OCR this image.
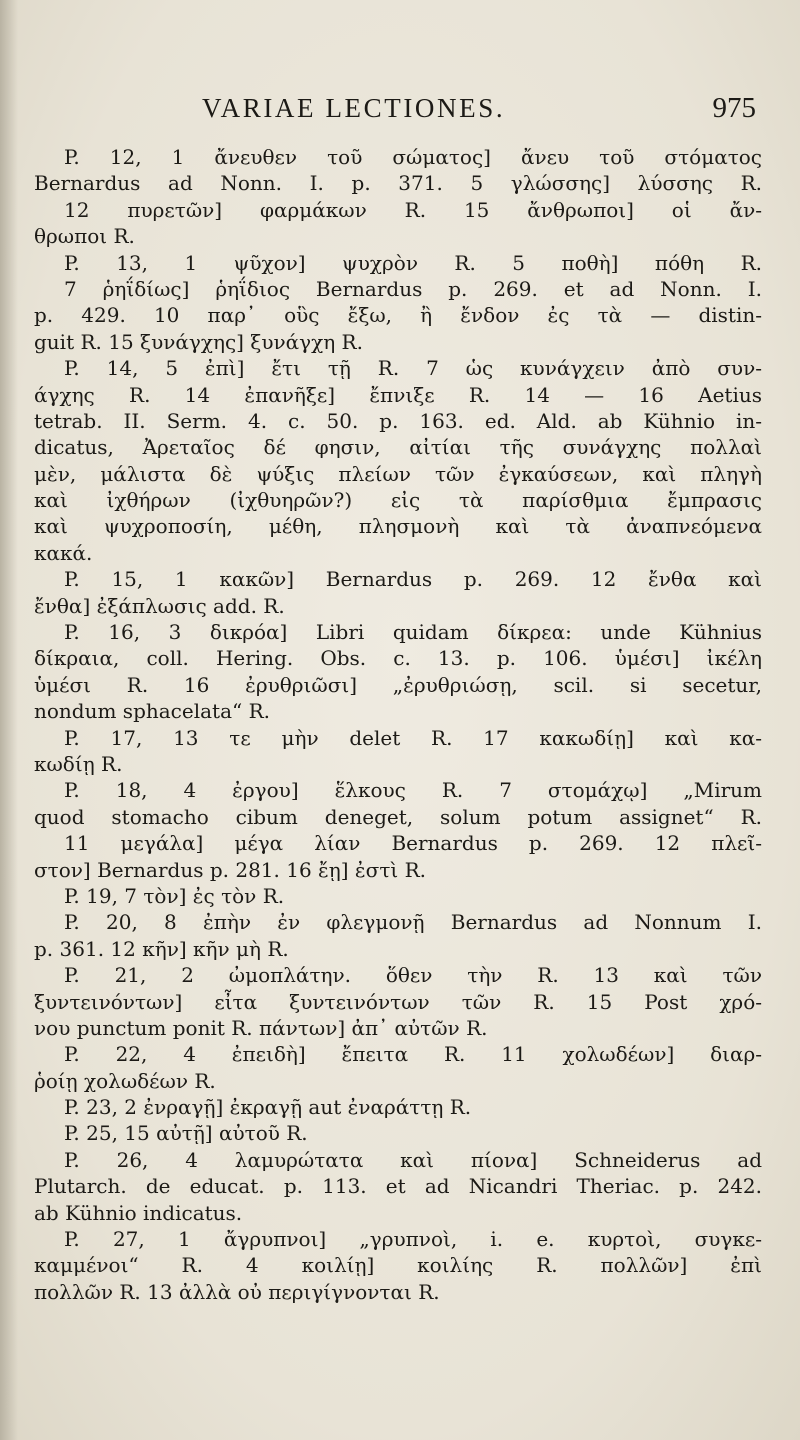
VARIAE LECTIONES.	975
P. 12, 1 ἄνευθεν τοῦ σώματος] ἄνευ τοῦ στόματος
Bernardus ad Nonn. I. p. 371. 5 γλώσσης] λύσσης R.
12 πυρετῶν] φαρμάκων R. 15 ἄνθρωποι] οἱ ἄν-
θρωποι R.
P. 13, 1 ψῦχον] ψυχρὸν R. 5 ποθὴ] πόθη R.
7 ῥηΐδίως] ῥηΐδιος Bernardus p. 269. et ad Nonn. I.
p. 429. 10 παρ᾽ οὓς ἔξω, ἢ ἔνδον ἐς τὰ — distin-
guit R. 15 ξυνάγχης] ξυνάγχη R.
P. 14, 5 ἐπὶ] ἔτι τῇ R. 7 ὡς κυνάγχειν ἀπὸ συν-
άγχης R. 14 ἐπανῆξε] ἔπνιξε R. 14 — 16 Aetius
tetrab. II. Serm. 4. c. 50. p. 163. ed. Ald. ab Kühnio in-
dicatus, Ἀρεταῖος δέ φησιν, αἰτίαι τῆς συνάγχης πολλαὶ
μὲν, μάλιστα δὲ ψύξις πλείων τῶν ἐγκαύσεων, καὶ πληγὴ
καὶ ἰχθήρων (ἰχθυηρῶν?) εἰς τὰ παρίσθμια ἔμπρασις
καὶ ψυχροποσίη, μέθη, πλησμονὴ καὶ τὰ ἀναπνεόμενα
κακά.
P. 15, 1 κακῶν] Bernardus p. 269. 12 ἔνθα καὶ
ἔνθα] ἐξάπλωσις add. R.
P. 16, 3 δικρόα] Libri quidam δίκρεα: unde Kühnius
δίκραια, coll. Hering. Obs. c. 13. p. 106. ὑμέσι] ἰκέλη
ὑμέσι R. 16 ἐρυθριῶσι] „ἐρυθριώσῃ, scil. si secetur,
nondum sphacelata“ R.
P. 17, 13 τε μὴν delet R. 17 κακωδίῃ] καὶ κα-
κωδίῃ R.
P. 18, 4 ἐργου] ἕλκους R. 7 στομάχῳ] „Mirum
quod stomacho cibum deneget, solum potum assignet“ R.
11 μεγάλα] μέγα λίαν Bernardus p. 269. 12 πλεῖ-
στον] Bernardus p. 281. 16 ἔῃ] ἐστὶ R.
P. 19, 7 τὸν] ἐς τὸν R.
P. 20, 8 ἐπὴν ἐν φλεγμονῇ Bernardus ad Nonnum I.
p. 361. 12 κῆν] κῆν μὴ R.
P. 21, 2 ὠμοπλάτην. ὅθεν τὴν R. 13 καὶ τῶν
ξυντεινόντων] εἶτα ξυντεινόντων τῶν R. 15 Post χρό-
νου punctum ponit R. πάντων] ἀπ᾽ αὐτῶν R.
P. 22, 4 ἐπειδὴ] ἔπειτα R. 11 χολωδέων] διαρ-
ῥοίῃ χολωδέων R.
P. 23, 2 ἐνραγῇ] ἐκραγῇ aut ἐναράττῃ R.
P. 25, 15 αὐτῇ] αὐτοῦ R.
P. 26, 4 λαμυρώτατα καὶ πίονα] Schneiderus ad
Plutarch. de educat. p. 113. et ad Nicandri Theriac. p. 242.
ab Kühnio indicatus.
P. 27, 1 ἄγρυπνοι] „γρυπνοὶ, i. e. κυρτοὶ, συγκε-
καμμένοι“ R. 4 κοιλίῃ] κοιλίης R. πολλῶν] ἐπὶ
πολλῶν R. 13 ἀλλὰ οὐ περιγίγνονται R.
